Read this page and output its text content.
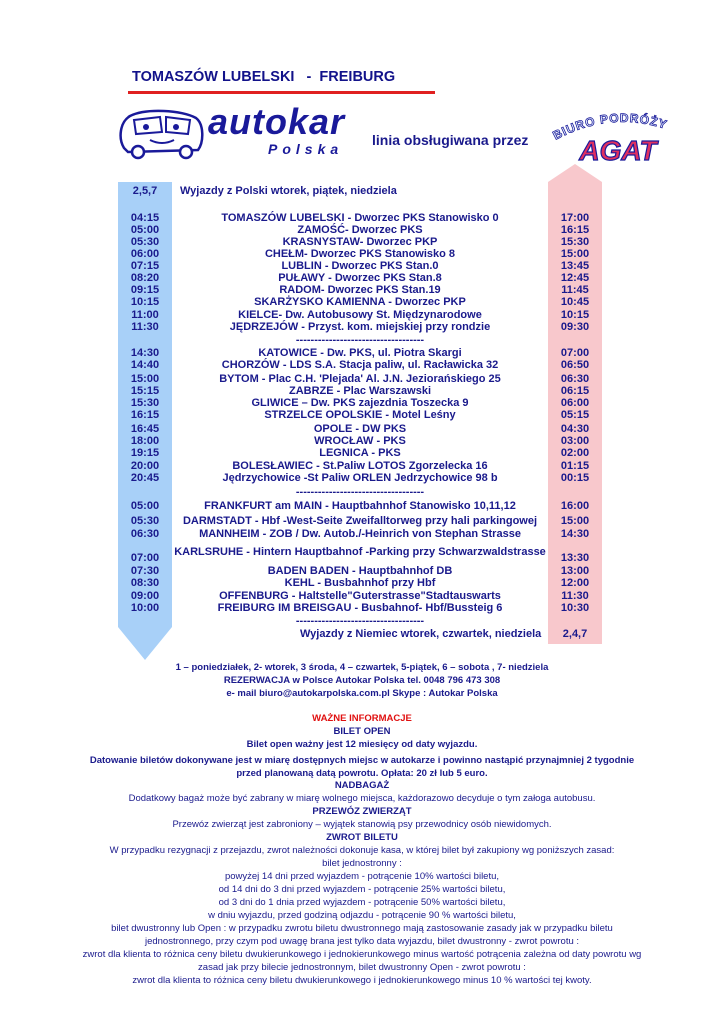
TOMASZÓW LUBELSKI   -  FREIBURG
autokar
Polska
linia obsługiwana przez BIURO PODRÓŻY
AGAT
2,5,7	Wyjazdy z Polski wtorek, piątek, niedziela
04:15	TOMASZÓW LUBELSKI - Dworzec PKS Stanowisko 0	17:00
05:00	ZAMOŚĆ- Dworzec PKS	16:15
05:30	KRASNYSTAW- Dworzec PKP	15:30
06:00	CHEŁM- Dworzec PKS Stanowisko 8	15:00
07:15	LUBLIN - Dworzec PKS Stan.0	13:45
08:20	PUŁAWY - Dworzec PKS Stan.8	12:45
09:15	RADOM- Dworzec PKS Stan.19	11:45
10:15	SKARŻYSKO KAMIENNA - Dworzec PKP	10:45
11:00	KIELCE- Dw. Autobusowy St. Międzynarodowe	10:15
11:30	JĘDRZEJÓW - Przyst. kom. miejskiej przy rondzie	09:30
-----------------------------------
14:30	KATOWICE - Dw. PKS, ul. Piotra Skargi	07:00
14:40	CHORZÓW - LDS S.A. Stacja paliw, ul. Racławicka 32	06:50
15:00	BYTOM - Plac C.H. 'Plejada' Al. J.N. Jeziorańskiego 25	06:30
15:15	ZABRZE - Plac Warszawski	06:15
15:30	GLIWICE – Dw. PKS zajezdnia Toszecka 9	06:00
16:15	STRZELCE OPOLSKIE - Motel Leśny	05:15
16:45	OPOLE - DW PKS	04:30
18:00	WROCŁAW - PKS	03:00
19:15	LEGNICA - PKS	02:00
20:00	BOLESŁAWIEC - St.Paliw LOTOS Zgorzelecka 16	01:15
20:45	Jędrzychowice -St Paliw ORLEN Jedrzychowice 98 b	00:15
-----------------------------------
05:00	FRANKFURT am MAIN - Hauptbahnhof Stanowisko 10,11,12	16:00
05:30	DARMSTADT - Hbf -West-Seite Zweifalltorweg przy hali parkingowej	15:00
06:30	MANNHEIM - ZOB / Dw. Autob./-Heinrich von Stephan Strasse	14:30
07:00	KARLSRUHE - Hintern Hauptbahnof -Parking przy Schwarzwaldstrasse	13:30
07:30	BADEN BADEN - Hauptbahnhof DB	13:00
08:30	KEHL - Busbahnhof przy Hbf	12:00
09:00	OFFENBURG - Haltstelle"Guterstrasse"Stadtauswarts	11:30
10:00	FREIBURG IM BREISGAU - Busbahnof- Hbf/Bussteig 6	10:30
-----------------------------------
Wyjazdy z Niemiec wtorek, czwartek, niedziela	2,4,7
1 – poniedziałek, 2- wtorek, 3 środa, 4 – czwartek, 5-piątek, 6 – sobota , 7- niedziela
REZERWACJA w Polsce Autokar Polska tel. 0048 796 473 308
e- mail biuro@autokarpolska.com.pl Skype : Autokar Polska
WAŻNE INFORMACJE
BILET OPEN
Bilet open ważny jest 12 miesięcy od daty wyjazdu.
Datowanie biletów dokonywane jest w miarę dostępnych miejsc w autokarze i powinno nastąpić przynajmniej 2 tygodnie
przed planowaną datą powrotu. Opłata: 20 zł lub 5 euro.
NADBAGAŻ
Dodatkowy bagaż może być zabrany w miarę wolnego miejsca, każdorazowo decyduje o tym załoga autobusu.
PRZEWÓZ ZWIERZĄT
Przewóz zwierząt jest zabroniony – wyjątek stanowią psy przewodnicy osób niewidomych.
ZWROT BILETU
W przypadku rezygnacji z przejazdu, zwrot należności dokonuje kasa, w której bilet był zakupiony wg poniższych zasad:
bilet jednostronny :
powyżej 14 dni przed wyjazdem - potrącenie 10% wartości biletu,
od 14 dni do 3 dni przed wyjazdem - potrącenie 25% wartości biletu,
od 3 dni do 1 dnia przed wyjazdem - potrącenie 50% wartości biletu,
w dniu wyjazdu, przed godziną odjazdu - potrącenie 90 % wartości biletu,
bilet dwustronny lub Open : w przypadku zwrotu biletu dwustronnego mają zastosowanie zasady jak w przypadku biletu
jednostronnego, przy czym pod uwagę brana jest tylko data wyjazdu, bilet dwustronny - zwrot powrotu :
zwrot dla klienta to różnica ceny biletu dwukierunkowego i jednokierunkowego minus wartość potrącenia zależna od daty powrotu wg
zasad jak przy bilecie jednostronnym, bilet dwustronny Open - zwrot powrotu :
zwrot dla klienta to różnica ceny biletu dwukierunkowego i jednokierunkowego minus 10 % wartości tej kwoty.
